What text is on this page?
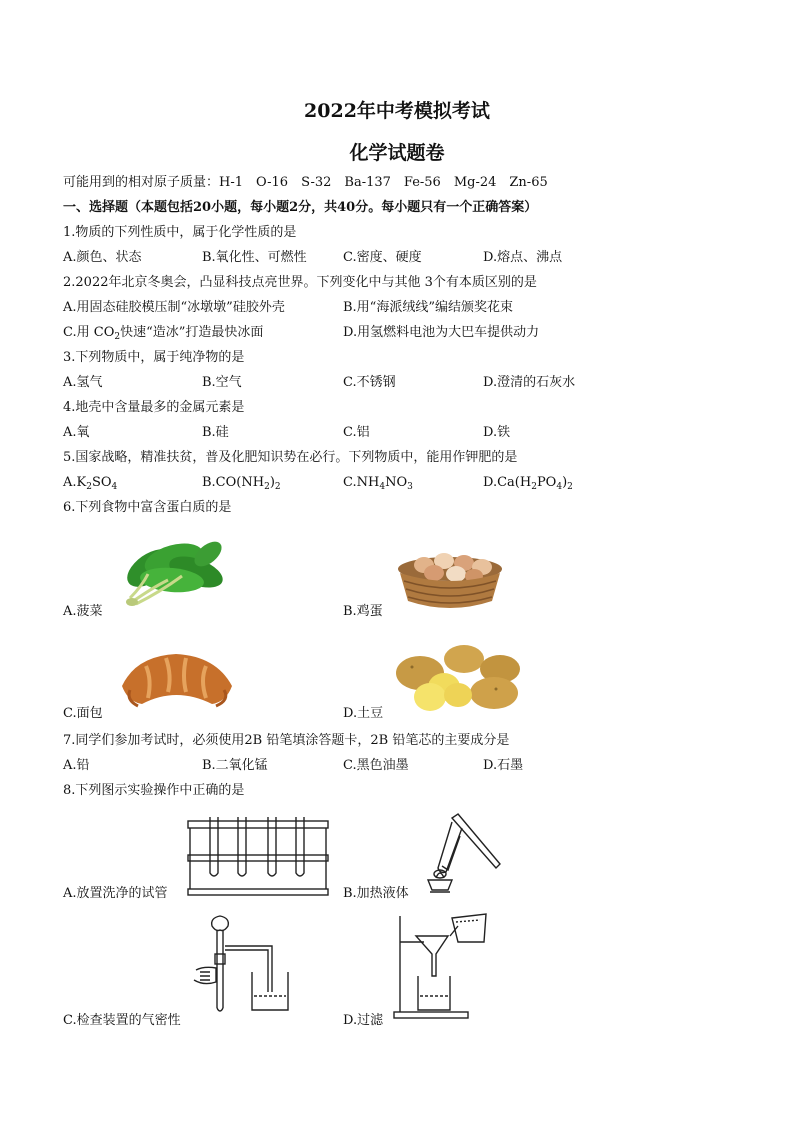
2022年中考模拟考试
化学试题卷
可能用到的相对原子质量：H-1　O-16　S-32　Ba-137　Fe-56　Mg-24　Zn-65
一、选择题（本题包括20小题，每小题2分，共40分。每小题只有一个正确答案）
1.物质的下列性质中，属于化学性质的是
A.颜色、状态	B.氧化性、可燃性	C.密度、硬度	D.熔点、沸点
2.2022年北京冬奥会，凸显科技点亮世界。下列变化中与其他 3个有本质区别的是
A.用固态硅胶模压制“冰墩墩”硅胶外壳	B.用“海派绒线”编结颁奖花束
C.用 $CO_2$快速“造冰”打造最快冰面	D.用氢燃料电池为大巴车提供动力
3.下列物质中，属于纯净物的是
A.氢气	B.空气	C.不锈钢	D.澄清的石灰水
4.地壳中含量最多的金属元素是
A.氧	B.硅	C.铝	D.铁
5.国家战略，精准扶贫，普及化肥知识势在必行。下列物质中，能用作钾肥的是
$A.K_2SO_4$	$B.CO(NH_2)_2$	$C.NH_4NO_3$	$D.Ca(H_2PO_4)_2$
6.下列食物中富含蛋白质的是
A.菠菜	B.鸡蛋
C.面包	D.土豆
7.同学们参加考试时，必须使用2B 铅笔填涂答题卡，2B 铅笔芯的主要成分是
A.铅	B.二氧化锰	C.黑色油墨	D.石墨
8.下列图示实验操作中正确的是
A.放置洗净的试管	B.加热液体
C.检查装置的气密性	D.过滤
